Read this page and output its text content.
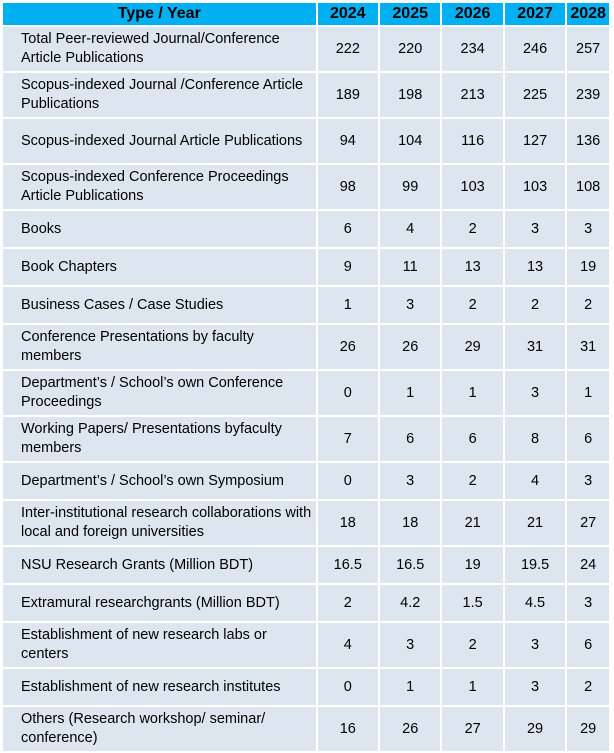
Type / Year	2024	2025	2026	2027	2028
Total Peer-reviewed Journal/Conference Article Publications	222	220	234	246	257
Scopus-indexed Journal /Conference Article Publications	189	198	213	225	239
Scopus-indexed Journal Article Publications	94	104	116	127	136
Scopus-indexed Conference Proceedings Article Publications	98	99	103	103	108
Books	6	4	2	3	3
Book Chapters	9	11	13	13	19
Business Cases / Case Studies	1	3	2	2	2
Conference Presentations by faculty members	26	26	29	31	31
Department’s / School’s own Conference Proceedings	0	1	1	3	1
Working Papers/ Presentations byfaculty members	7	6	6	8	6
Department’s / School’s own Symposium	0	3	2	4	3
Inter-institutional research collaborations with local and foreign universities	18	18	21	21	27
NSU Research Grants (Million BDT)	16.5	16.5	19	19.5	24
Extramural researchgrants (Million BDT)	2	4.2	1.5	4.5	3
Establishment of new research labs or centers	4	3	2	3	6
Establishment of new research institutes	0	1	1	3	2
Others (Research workshop/ seminar/ conference)	16	26	27	29	29
